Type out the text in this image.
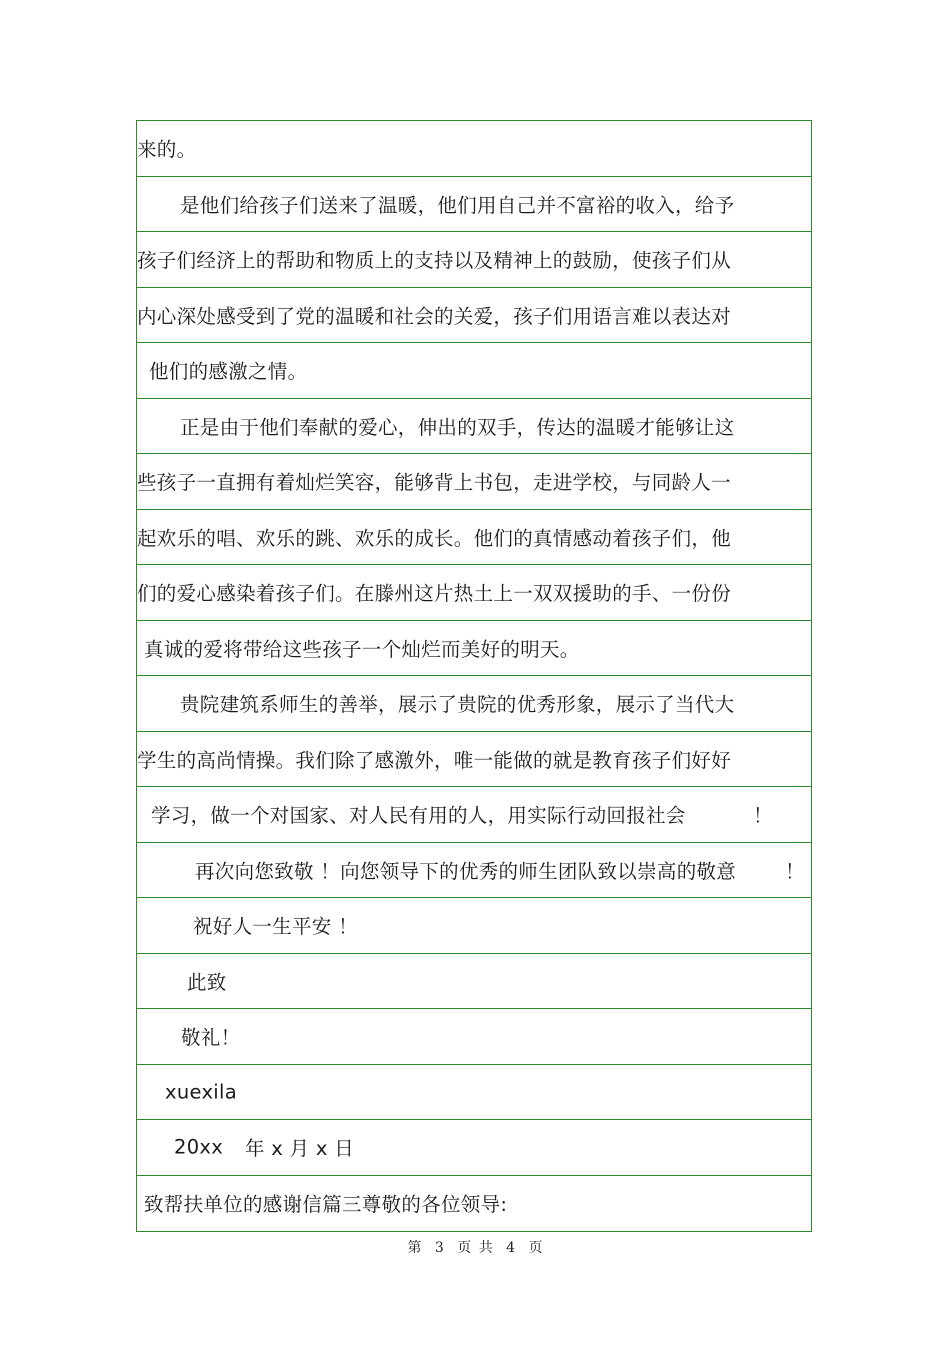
来的。
是他们给孩子们送来了温暖，他们用自己并不富裕的收入，给予
孩子们经济上的帮助和物质上的支持以及精神上的鼓励，使孩子们从
内心深处感受到了党的温暖和社会的关爱，孩子们用语言难以表达对
他们的感激之情。
正是由于他们奉献的爱心，伸出的双手，传达的温暖才能够让这
些孩子一直拥有着灿烂笑容，能够背上书包，走进学校，与同龄人一
起欢乐的唱、欢乐的跳、欢乐的成长。他们的真情感动着孩子们，他
们的爱心感染着孩子们。在滕州这片热土上一双双援助的手、一份份
真诚的爱将带给这些孩子一个灿烂而美好的明天。
贵院建筑系师生的善举，展示了贵院的优秀形象，展示了当代大
学生的高尚情操。我们除了感激外，唯一能做的就是教育孩子们好好
学习，做一个对国家、对人民有用的人，用实际行动回报社会	！
再次向您致敬 ！向您领导下的优秀的师生团队致以崇高的敬意	！
祝好人一生平安 ！
此致
敬礼！
xuexila
20xx 年 x 月 x 日
致帮扶单位的感谢信篇三尊敬的各位领导:
第 3 页 共 4 页
